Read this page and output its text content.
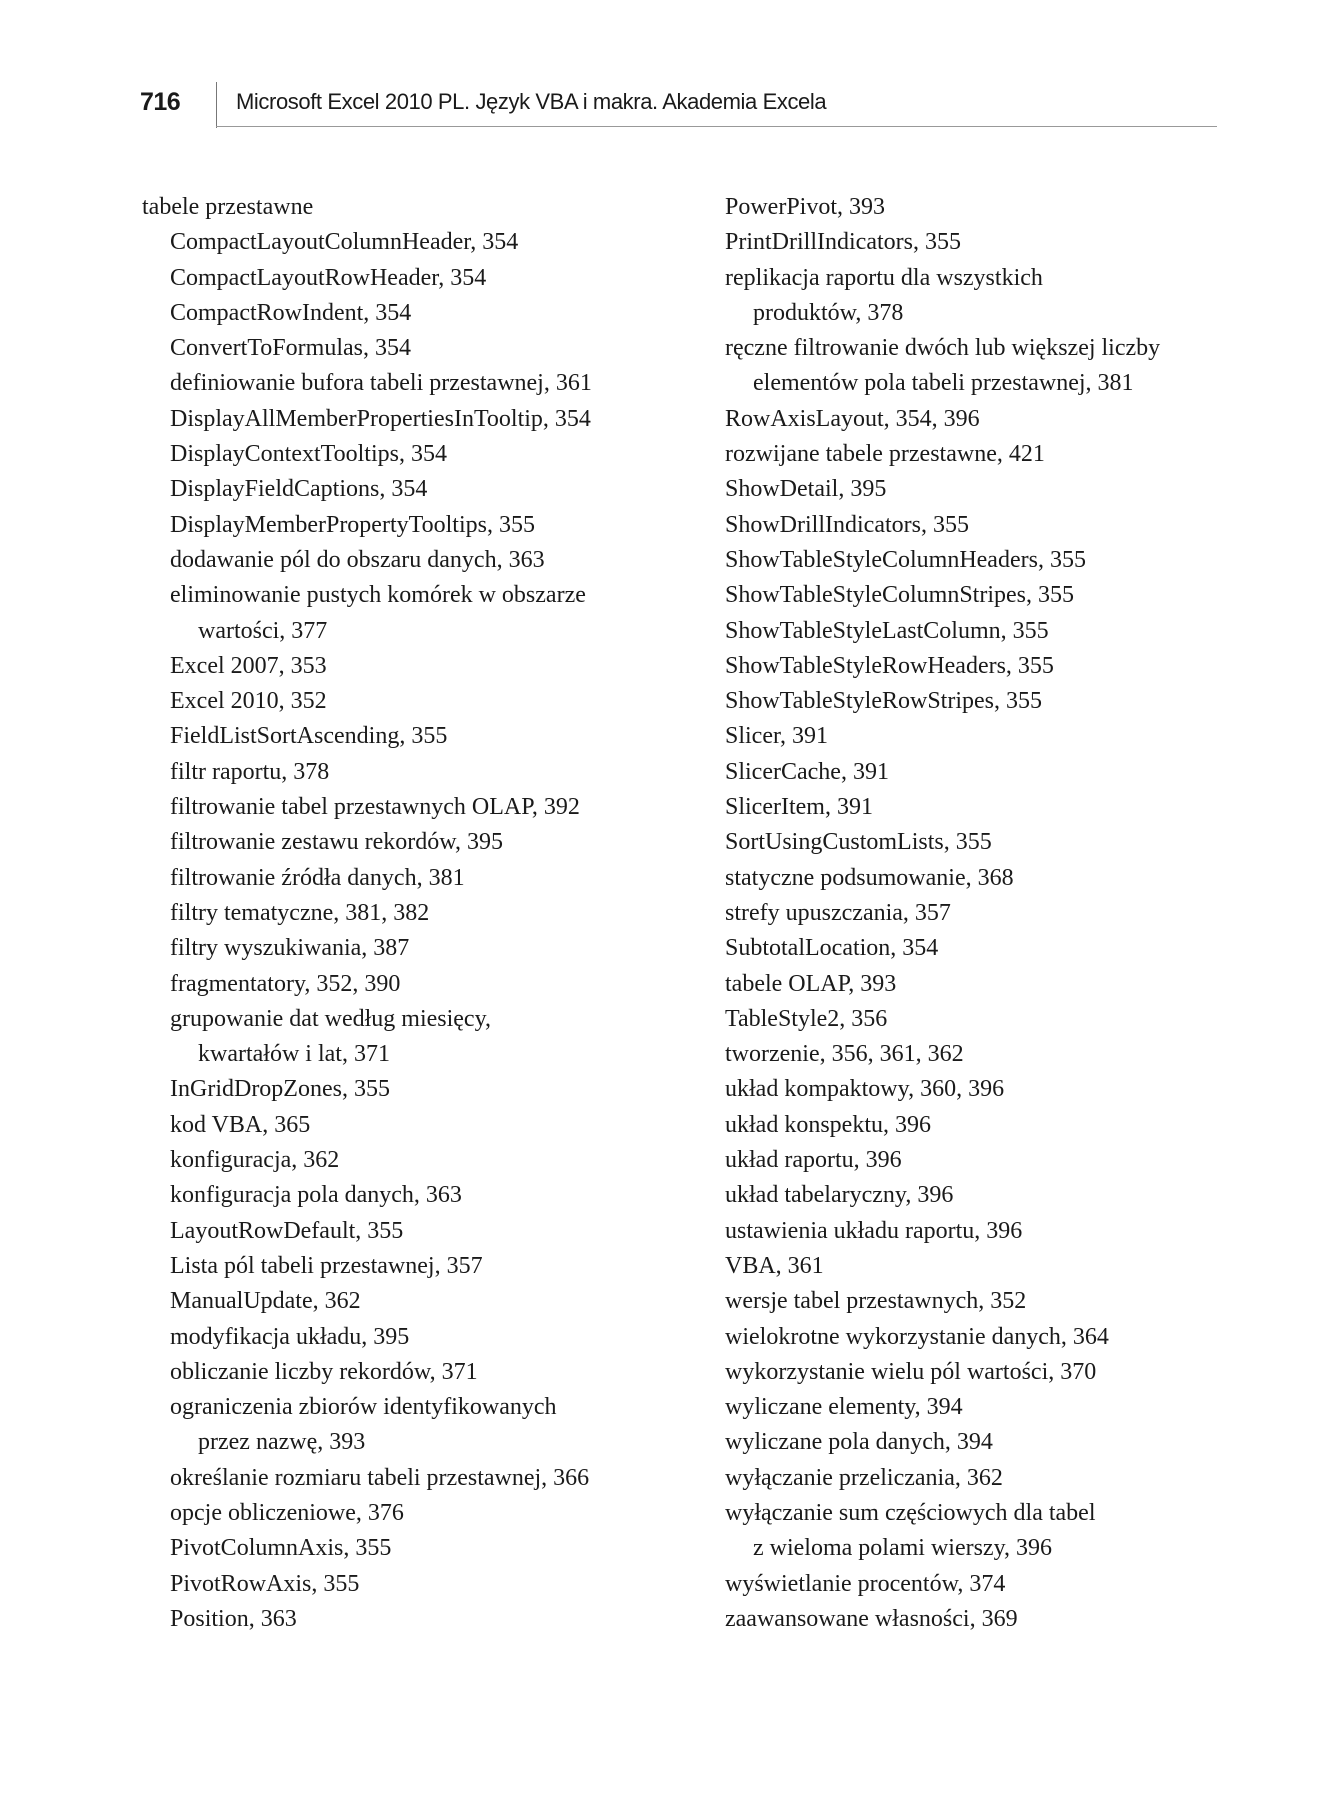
716	Microsoft Excel 2010 PL. Język VBA i makra. Akademia Excela
tabele przestawne
CompactLayoutColumnHeader, 354
CompactLayoutRowHeader, 354
CompactRowIndent, 354
ConvertToFormulas, 354
definiowanie bufora tabeli przestawnej, 361
DisplayAllMemberPropertiesInTooltip, 354
DisplayContextTooltips, 354
DisplayFieldCaptions, 354
DisplayMemberPropertyTooltips, 355
dodawanie pól do obszaru danych, 363
eliminowanie pustych komórek w obszarze
wartości, 377
Excel 2007, 353
Excel 2010, 352
FieldListSortAscending, 355
filtr raportu, 378
filtrowanie tabel przestawnych OLAP, 392
filtrowanie zestawu rekordów, 395
filtrowanie źródła danych, 381
filtry tematyczne, 381, 382
filtry wyszukiwania, 387
fragmentatory, 352, 390
grupowanie dat według miesięcy,
kwartałów i lat, 371
InGridDropZones, 355
kod VBA, 365
konfiguracja, 362
konfiguracja pola danych, 363
LayoutRowDefault, 355
Lista pól tabeli przestawnej, 357
ManualUpdate, 362
modyfikacja układu, 395
obliczanie liczby rekordów, 371
ograniczenia zbiorów identyfikowanych
przez nazwę, 393
określanie rozmiaru tabeli przestawnej, 366
opcje obliczeniowe, 376
PivotColumnAxis, 355
PivotRowAxis, 355
Position, 363
PowerPivot, 393
PrintDrillIndicators, 355
replikacja raportu dla wszystkich
produktów, 378
ręczne filtrowanie dwóch lub większej liczby
elementów pola tabeli przestawnej, 381
RowAxisLayout, 354, 396
rozwijane tabele przestawne, 421
ShowDetail, 395
ShowDrillIndicators, 355
ShowTableStyleColumnHeaders, 355
ShowTableStyleColumnStripes, 355
ShowTableStyleLastColumn, 355
ShowTableStyleRowHeaders, 355
ShowTableStyleRowStripes, 355
Slicer, 391
SlicerCache, 391
SlicerItem, 391
SortUsingCustomLists, 355
statyczne podsumowanie, 368
strefy upuszczania, 357
SubtotalLocation, 354
tabele OLAP, 393
TableStyle2, 356
tworzenie, 356, 361, 362
układ kompaktowy, 360, 396
układ konspektu, 396
układ raportu, 396
układ tabelaryczny, 396
ustawienia układu raportu, 396
VBA, 361
wersje tabel przestawnych, 352
wielokrotne wykorzystanie danych, 364
wykorzystanie wielu pól wartości, 370
wyliczane elementy, 394
wyliczane pola danych, 394
wyłączanie przeliczania, 362
wyłączanie sum częściowych dla tabel
z wieloma polami wierszy, 396
wyświetlanie procentów, 374
zaawansowane własności, 369
